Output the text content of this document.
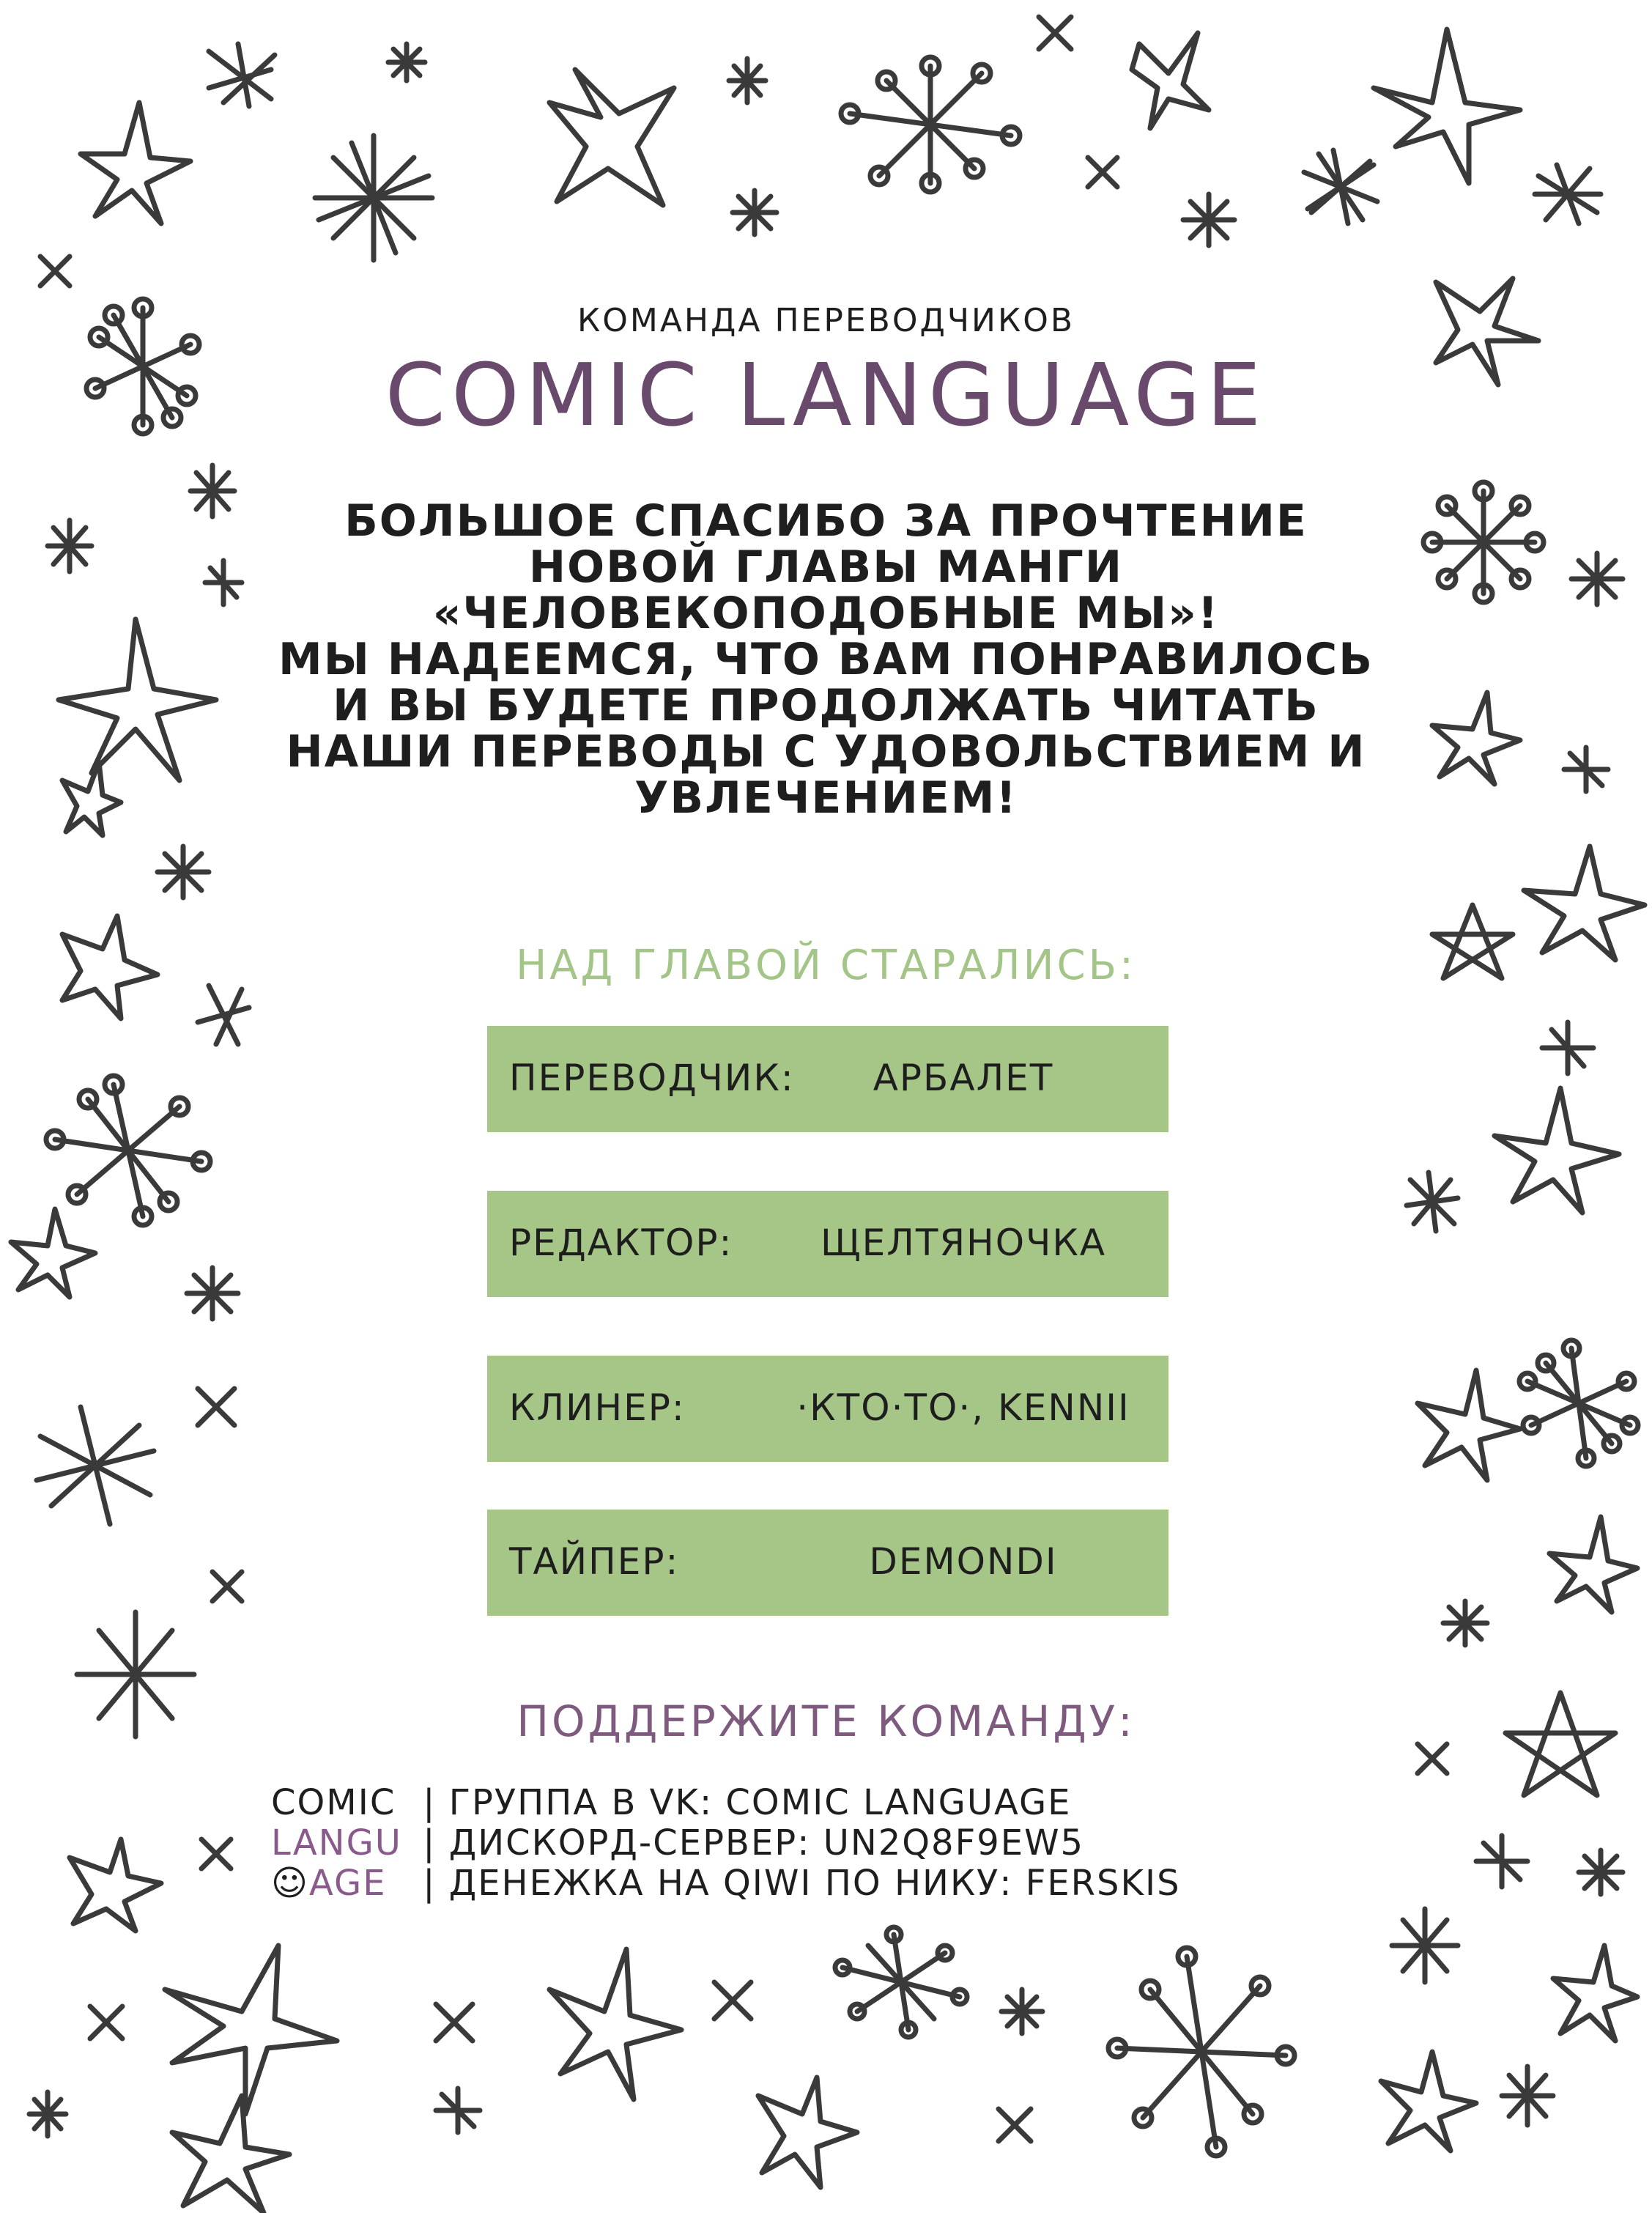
КОМАНДА ПЕРЕВОДЧИКОВ
COMIC LANGUAGE
БОЛЬШОЕ СПАСИБО ЗА ПРОЧТЕНИЕ
НОВОЙ ГЛАВЫ МАНГИ
«ЧЕЛОВЕКОПОДОБНЫЕ МЫ»!
МЫ НАДЕЕМСЯ, ЧТО ВАМ ПОНРАВИЛОСЬ
И ВЫ БУДЕТЕ ПРОДОЛЖАТЬ ЧИТАТЬ
НАШИ ПЕРЕВОДЫ С УДОВОЛЬСТВИЕМ И
УВЛЕЧЕНИЕМ!
НАД ГЛАВОЙ СТАРАЛИСЬ:
ПЕРЕВОДЧИК:	АРБАЛЕТ
РЕДАКТОР:	ЩЕЛТЯНОЧКА
КЛИНЕР:	·КТО·ТО·, KENNII
ТАЙПЕР:	DEMONDI
ПОДДЕРЖИТЕ КОМАНДУ:
COMIC | ГРУППА В VK: COMIC LANGUAGE
LANGU | ДИСКОРД-СЕРВЕР: UN2Q8F9EW5
☺AGE | ДЕНЕЖКА НА QIWI ПО НИКУ: FERSKIS
